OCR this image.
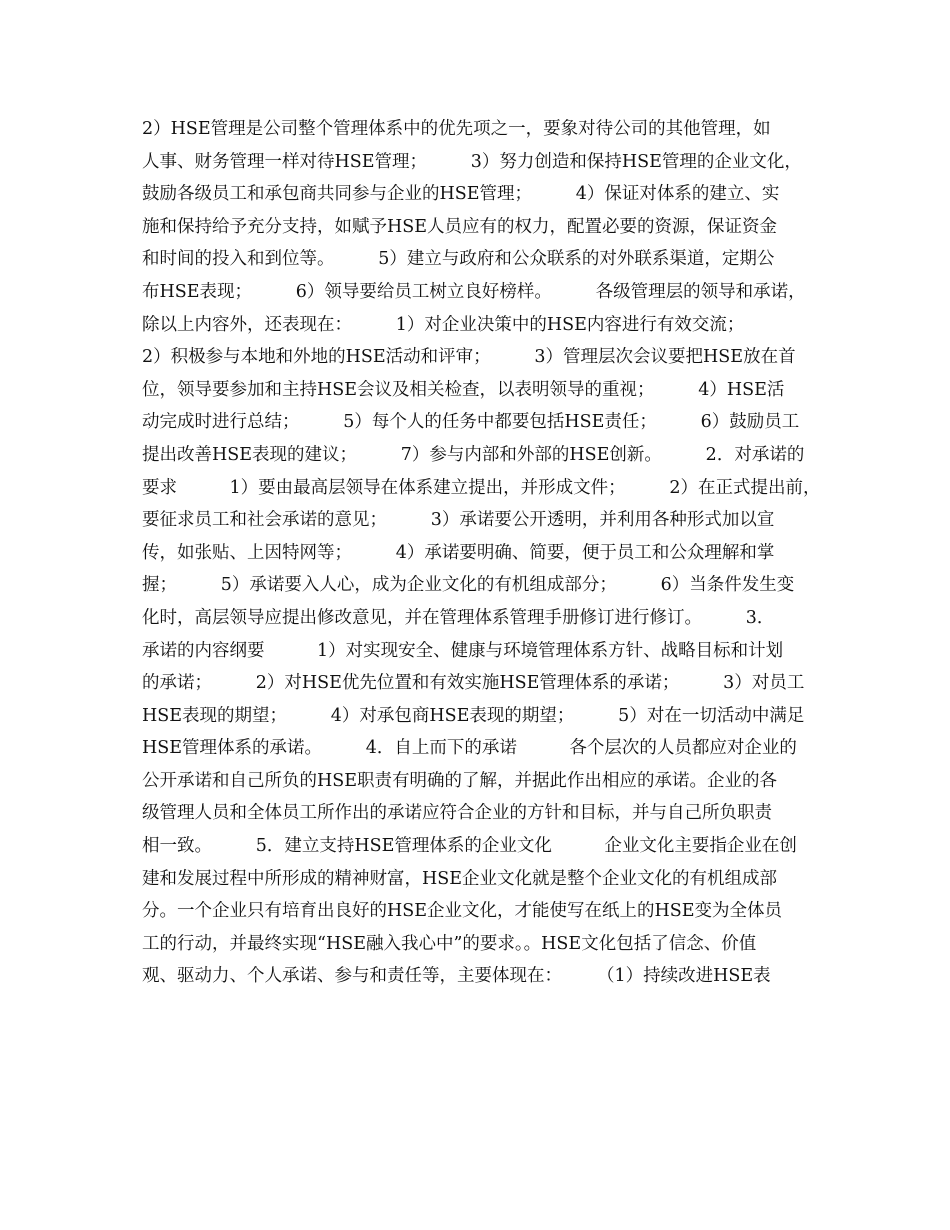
2）HSE管理是公司整个管理体系中的优先项之一，要象对待公司的其他管理，如
人事、财务管理一样对待HSE管理；　　　3）努力创造和保持HSE管理的企业文化，
鼓励各级员工和承包商共同参与企业的HSE管理；　　　4）保证对体系的建立、实
施和保持给予充分支持，如赋予HSE人员应有的权力，配置必要的资源，保证资金
和时间的投入和到位等。　　　5）建立与政府和公众联系的对外联系渠道，定期公
布HSE表现；　　　6）领导要给员工树立良好榜样。　　　各级管理层的领导和承诺，
除以上内容外，还表现在：　　　1）对企业决策中的HSE内容进行有效交流；
2）积极参与本地和外地的HSE活动和评审；　　　3）管理层次会议要把HSE放在首
位，领导要参加和主持HSE会议及相关检查，以表明领导的重视；　　　4）HSE活
动完成时进行总结；　　　5）每个人的任务中都要包括HSE责任；　　　6）鼓励员工
提出改善HSE表现的建议；　　　7）参与内部和外部的HSE创新。　　　2．对承诺的
要求　　　1）要由最高层领导在体系建立提出，并形成文件；　　　2）在正式提出前，
要征求员工和社会承诺的意见；　　　3）承诺要公开透明，并利用各种形式加以宣
传，如张贴、上因特网等；　　　4）承诺要明确、简要，便于员工和公众理解和掌
握；　　　5）承诺要入人心，成为企业文化的有机组成部分；　　　6）当条件发生变
化时，高层领导应提出修改意见，并在管理体系管理手册修订进行修订。　　　3．
承诺的内容纲要　　　1）对实现安全、健康与环境管理体系方针、战略目标和计划
的承诺；　　　2）对HSE优先位置和有效实施HSE管理体系的承诺；　　　3）对员工
HSE表现的期望；　　　4）对承包商HSE表现的期望；　　　5）对在一切活动中满足
HSE管理体系的承诺。　　　4．自上而下的承诺　　　各个层次的人员都应对企业的
公开承诺和自己所负的HSE职责有明确的了解，并据此作出相应的承诺。企业的各
级管理人员和全体员工所作出的承诺应符合企业的方针和目标，并与自己所负职责
相一致。　　　5．建立支持HSE管理体系的企业文化　　　企业文化主要指企业在创
建和发展过程中所形成的精神财富，HSE企业文化就是整个企业文化的有机组成部
分。一个企业只有培育出良好的HSE企业文化，才能使写在纸上的HSE变为全体员
工的行动，并最终实现“HSE融入我心中”的要求。。HSE文化包括了信念、价值
观、驱动力、个人承诺、参与和责任等，主要体现在：　　　（1）持续改进HSE表
